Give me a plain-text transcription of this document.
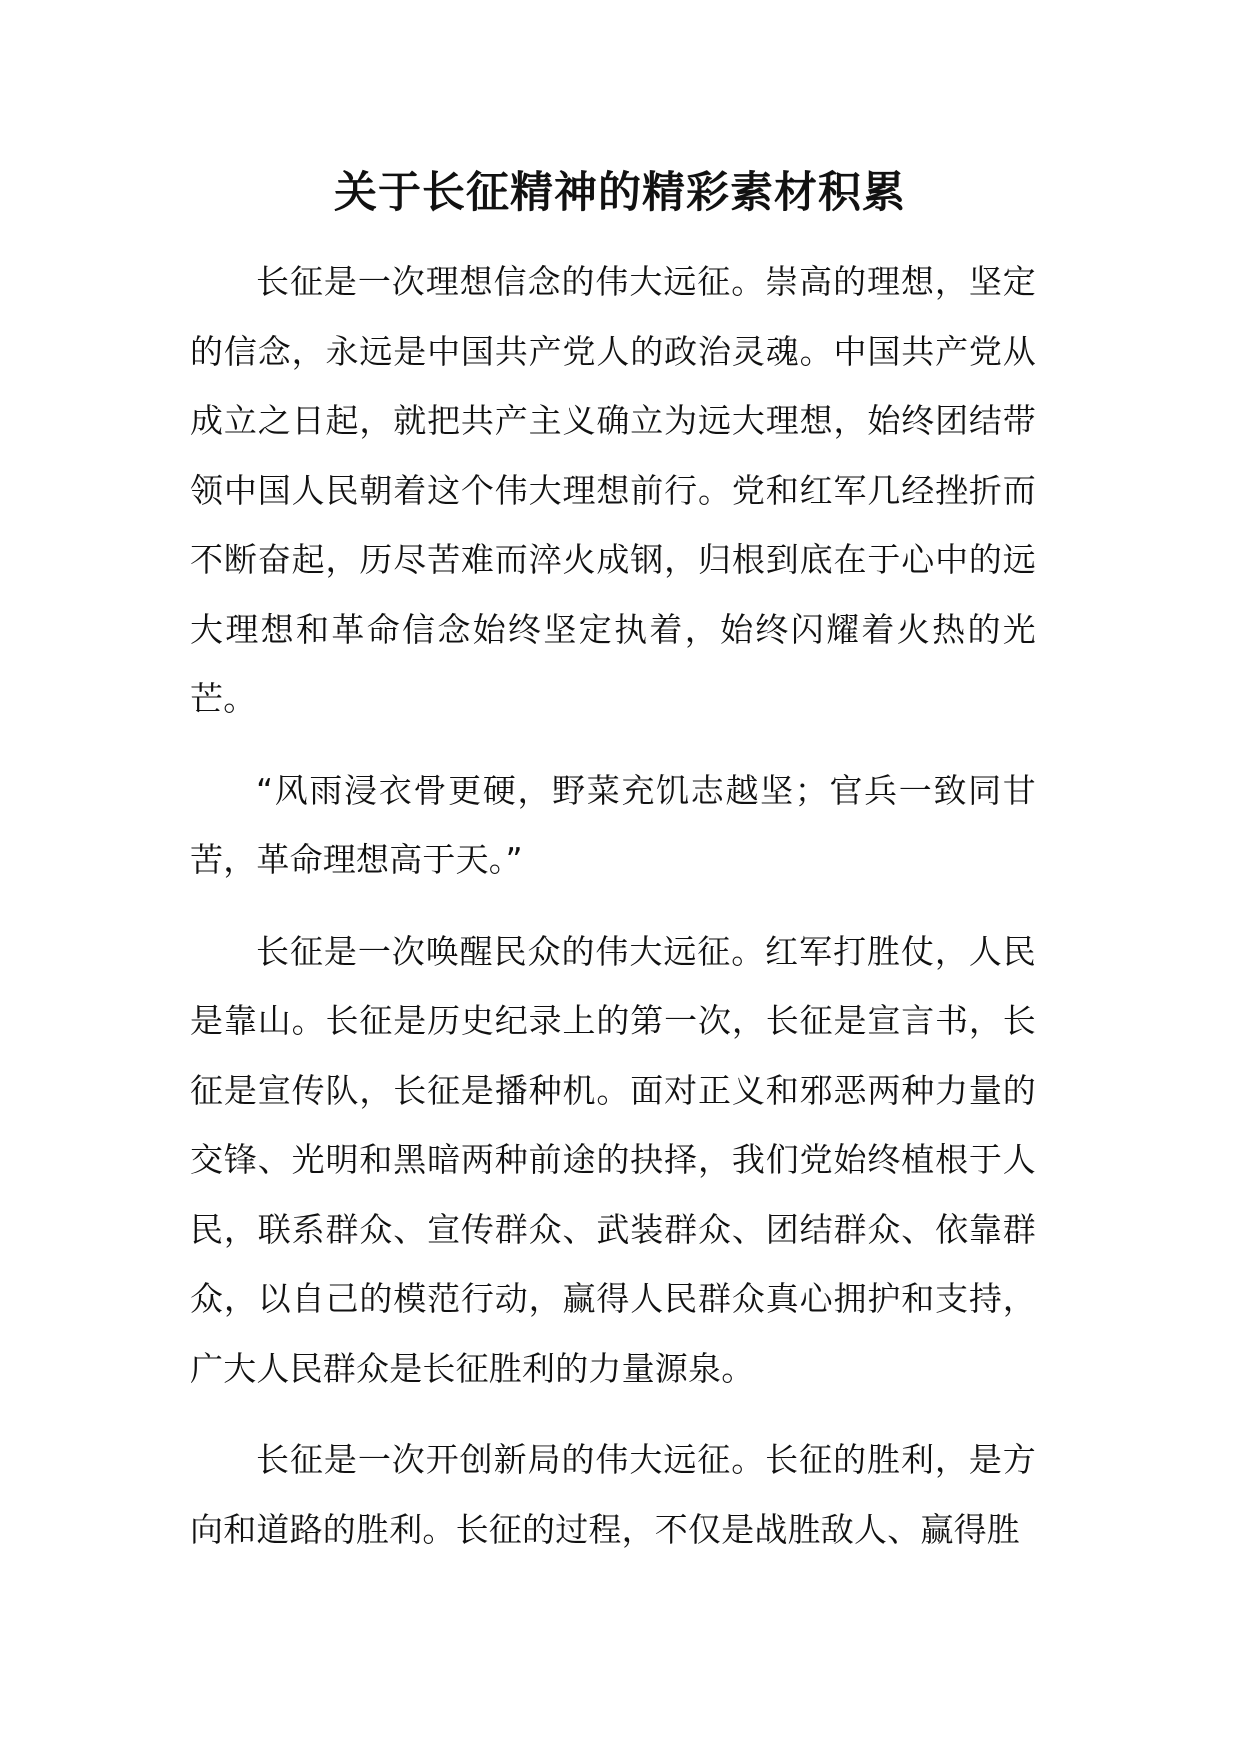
关于长征精神的精彩素材积累

长征是一次理想信念的伟大远征。崇高的理想，坚定的信念，永远是中国共产党人的政治灵魂。中国共产党从成立之日起，就把共产主义确立为远大理想，始终团结带领中国人民朝着这个伟大理想前行。党和红军几经挫折而不断奋起，历尽苦难而淬火成钢，归根到底在于心中的远大理想和革命信念始终坚定执着，始终闪耀着火热的光芒。

“风雨浸衣骨更硬，野菜充饥志越坚；官兵一致同甘苦，革命理想高于天。”

长征是一次唤醒民众的伟大远征。红军打胜仗，人民是靠山。长征是历史纪录上的第一次，长征是宣言书，长征是宣传队，长征是播种机。面对正义和邪恶两种力量的交锋、光明和黑暗两种前途的抉择，我们党始终植根于人民，联系群众、宣传群众、武装群众、团结群众、依靠群众，以自己的模范行动，赢得人民群众真心拥护和支持，广大人民群众是长征胜利的力量源泉。

长征是一次开创新局的伟大远征。长征的胜利，是方向和道路的胜利。长征的过程，不仅是战胜敌人、赢得胜
